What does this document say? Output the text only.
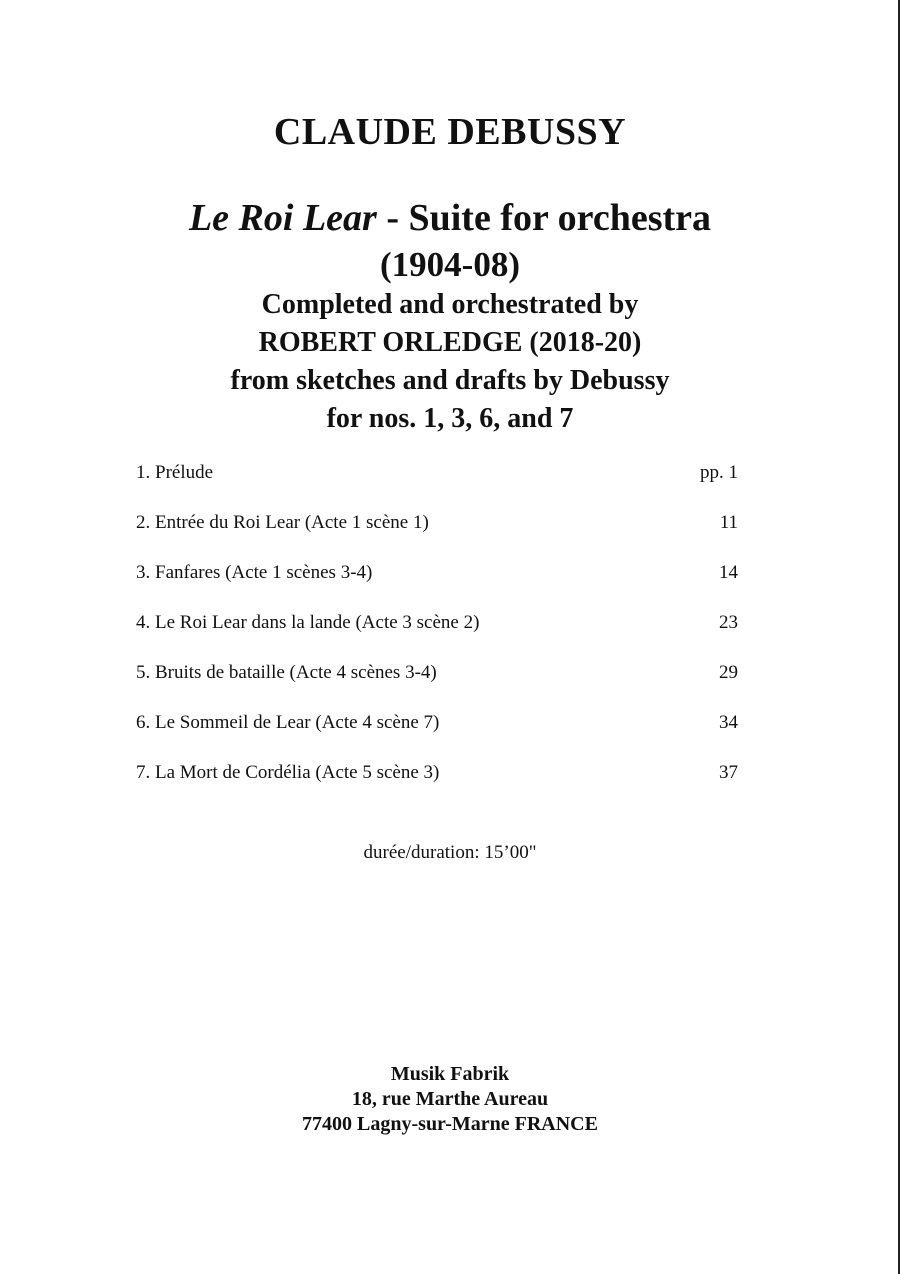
CLAUDE DEBUSSY
Le Roi Lear - Suite for orchestra
(1904-08)
Completed and orchestrated by
ROBERT ORLEDGE (2018-20)
from sketches and drafts by Debussy
for nos. 1, 3, 6, and 7
1. Prélude	pp. 1
2. Entrée du Roi Lear (Acte 1 scène 1)	11
3. Fanfares (Acte 1 scènes 3-4)	14
4. Le Roi Lear dans la lande (Acte 3 scène 2)	23
5. Bruits de bataille (Acte 4 scènes 3-4)	29
6. Le Sommeil de Lear (Acte 4 scène 7)	34
7. La Mort de Cordélia (Acte 5 scène 3)	37
durée/duration: 15’00"
Musik Fabrik
18, rue Marthe Aureau
77400 Lagny-sur-Marne FRANCE
